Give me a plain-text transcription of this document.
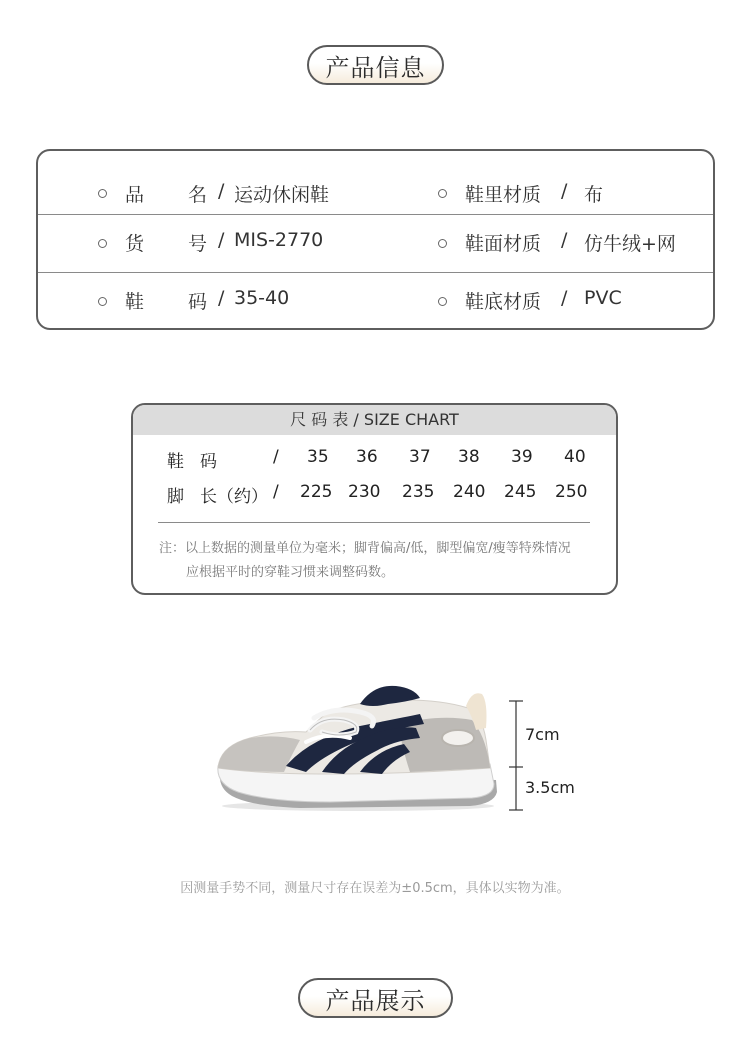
产品信息
品 名 / 运动休闲鞋	鞋里材质 / 布
货 号 / MIS-2770	鞋面材质 / 仿牛绒+网
鞋 码 / 35-40	鞋底材质 / PVC
尺 码 表 / SIZE CHART
鞋 码	/ 35 36 37 38 39 40
脚 长（约） / 225 230 235 240 245 250
注：以上数据的测量单位为毫米；脚背偏高/低，脚型偏宽/瘦等特殊情况
应根据平时的穿鞋习惯来调整码数。
7cm
3.5cm
因测量手势不同，测量尺寸存在误差为±0.5cm，具体以实物为准。
产品展示
